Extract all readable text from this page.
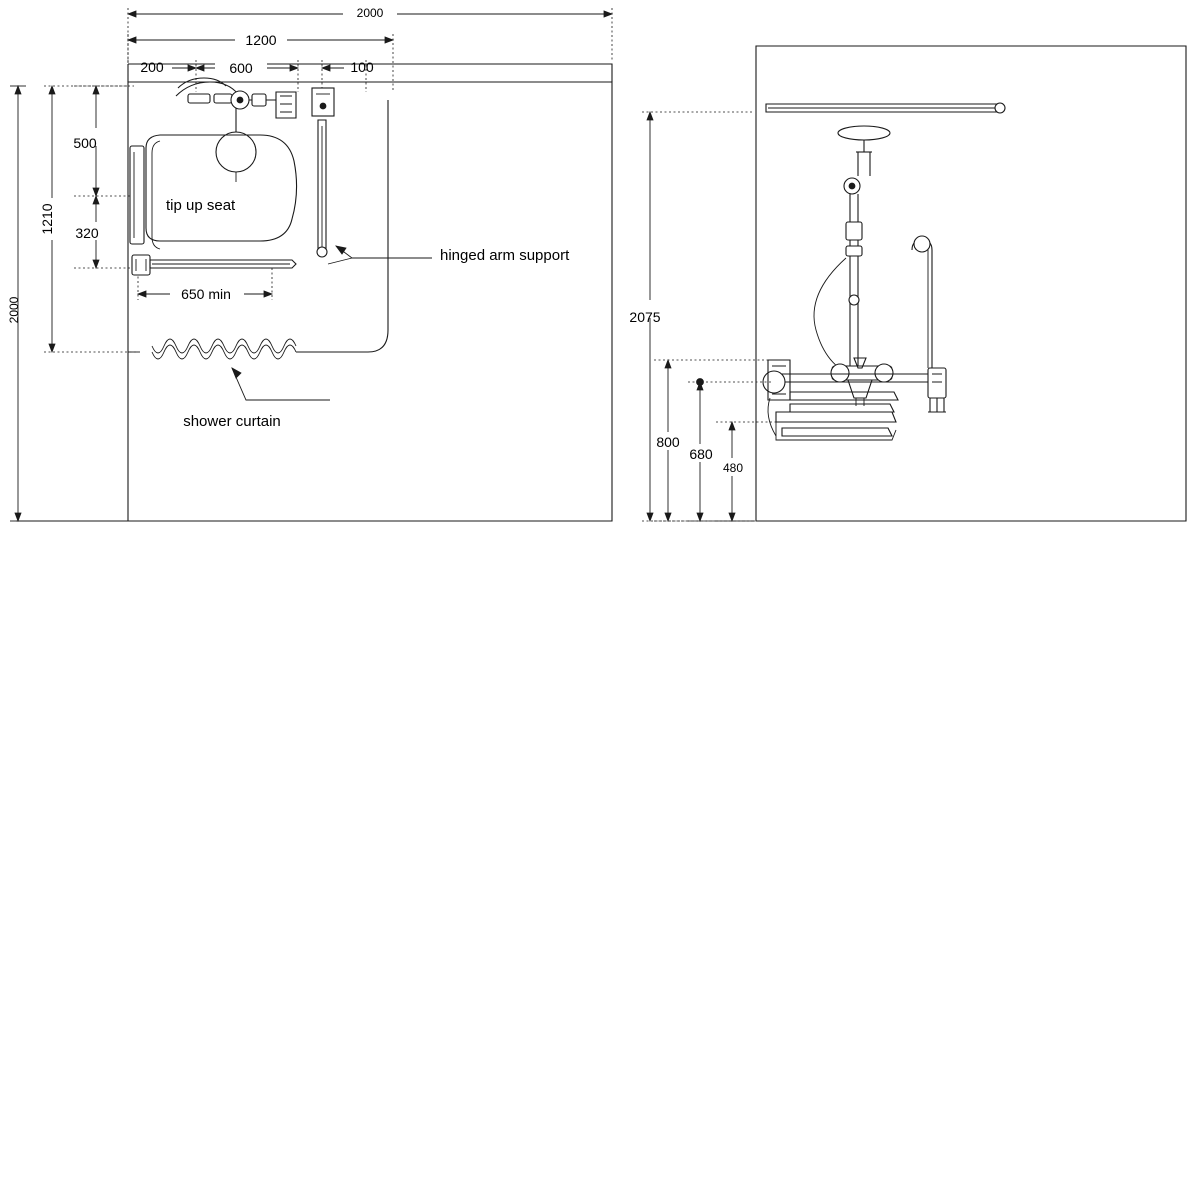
2000
1200
200	600	100
2000
1210
500
320
650 min
tip up seat
hinged arm support
shower curtain
2075
800
680
480
